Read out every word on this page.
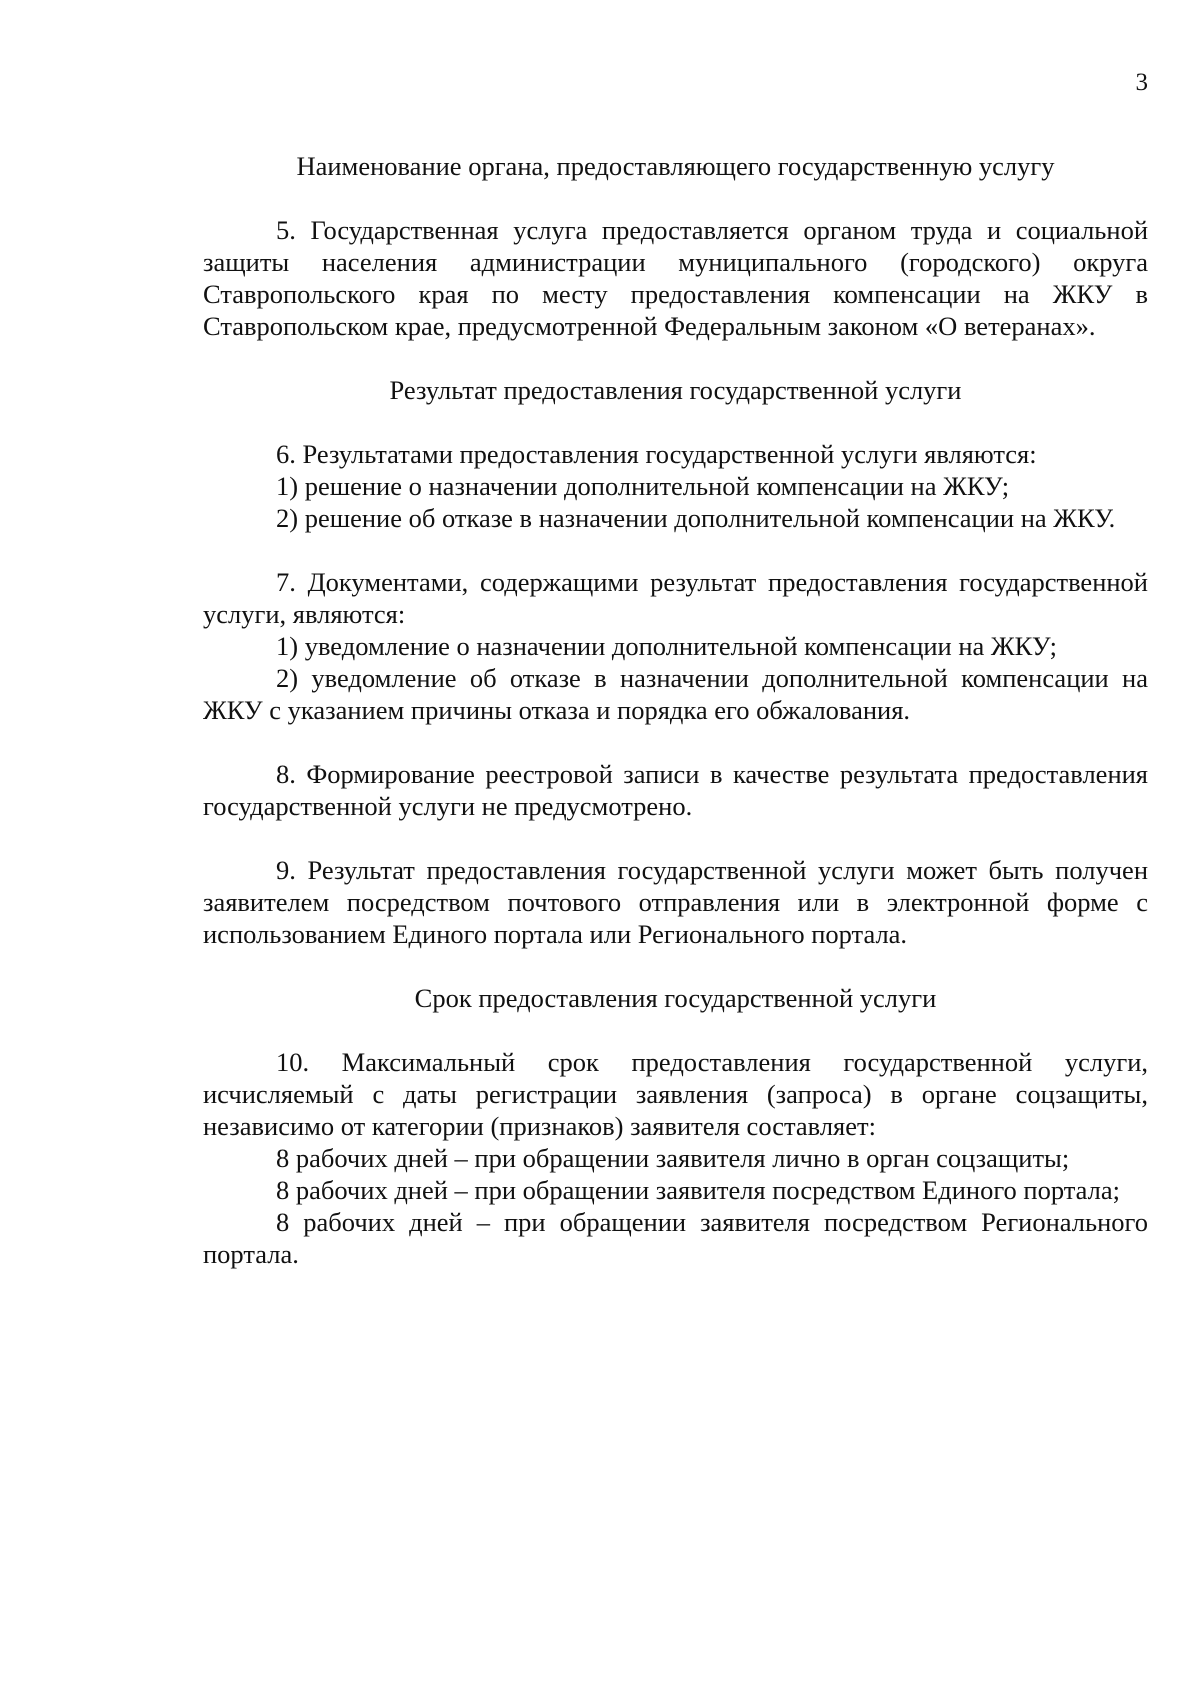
3

Наименование органа, предоставляющего государственную услугу

5. Государственная услуга предоставляется органом труда и социальной защиты населения администрации муниципального (городского) округа Ставропольского края по месту предоставления компенсации на ЖКУ в Ставропольском крае, предусмотренной Федеральным законом «О ветеранах».

Результат предоставления государственной услуги

6. Результатами предоставления государственной услуги являются:

1) решение о назначении дополнительной компенсации на ЖКУ;

2) решение об отказе в назначении дополнительной компенсации на ЖКУ.

7. Документами, содержащими результат предоставления государственной услуги, являются:

1) уведомление о назначении дополнительной компенсации на ЖКУ;

2) уведомление об отказе в назначении дополнительной компенсации на ЖКУ с указанием причины отказа и порядка его обжалования.

8. Формирование реестровой записи в качестве результата предоставления государственной услуги не предусмотрено.

9. Результат предоставления государственной услуги может быть получен заявителем посредством почтового отправления или в электронной форме с использованием Единого портала или Регионального портала.

Срок предоставления государственной услуги

10. Максимальный срок предоставления государственной услуги, исчисляемый с даты регистрации заявления (запроса) в органе соцзащиты, независимо от категории (признаков) заявителя составляет:

8 рабочих дней – при обращении заявителя лично в орган соцзащиты;

8 рабочих дней – при обращении заявителя посредством Единого портала;

8 рабочих дней – при обращении заявителя посредством Регионального портала.
